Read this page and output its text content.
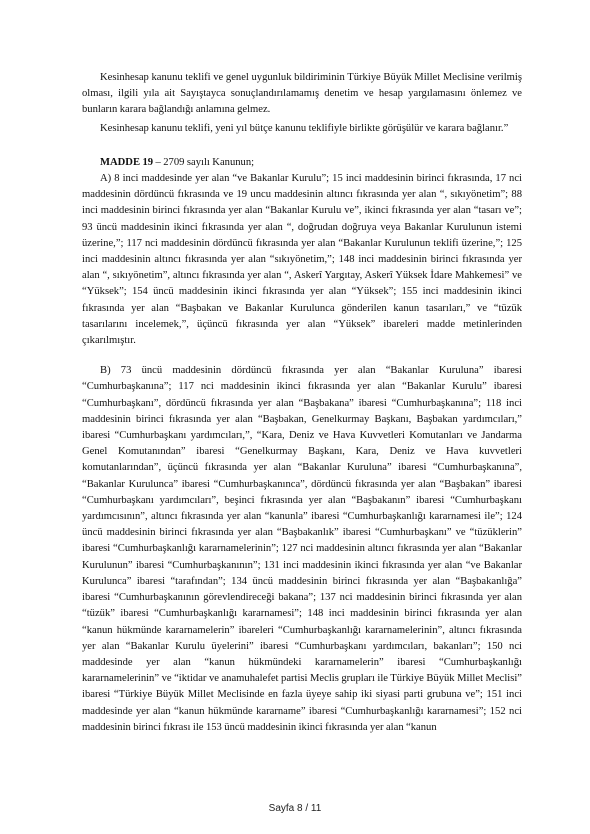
Kesinhesap kanunu teklifi ve genel uygunluk bildiriminin Türkiye Büyük Millet Meclisine verilmiş olması, ilgili yıla ait Sayıştayca sonuçlandırılamamış denetim ve hesap yargılamasını önlemez ve bunların karara bağlandığı anlamına gelmez.

Kesinhesap kanunu teklifi, yeni yıl bütçe kanunu teklifiyle birlikte görüşülür ve karara bağlanır.”

MADDE 19 – 2709 sayılı Kanunun;

A) 8 inci maddesinde yer alan “ve Bakanlar Kurulu”; 15 inci maddesinin birinci fıkrasında, 17 nci maddesinin dördüncü fıkrasında ve 19 uncu maddesinin altıncı fıkrasında yer alan “, sıkıyönetim”; 88 inci maddesinin birinci fıkrasında yer alan “Bakanlar Kurulu ve”, ikinci fıkrasında yer alan “tasarı ve”; 93 üncü maddesinin ikinci fıkrasında yer alan “, doğrudan doğruya veya Bakanlar Kurulunun istemi üzerine,”; 117 nci maddesinin dördüncü fıkrasında yer alan “Bakanlar Kurulunun teklifi üzerine,”; 125 inci maddesinin altıncı fıkrasında yer alan “sıkıyönetim,”; 148 inci maddesinin birinci fıkrasında yer alan “, sıkıyönetim”, altıncı fıkrasında yer alan “, Askerî Yargıtay, Askerî Yüksek İdare Mahkemesi” ve “Yüksek”; 154 üncü maddesinin ikinci fıkrasında yer alan “Yüksek”; 155 inci maddesinin ikinci fıkrasında yer alan “Başbakan ve Bakanlar Kurulunca gönderilen kanun tasarıları,” ve “tüzük tasarılarını incelemek,”, üçüncü fıkrasında yer alan “Yüksek” ibareleri madde metinlerinden çıkarılmıştır.

B) 73 üncü maddesinin dördüncü fıkrasında yer alan “Bakanlar Kuruluna” ibaresi “Cumhurbaşkanına”; 117 nci maddesinin ikinci fıkrasında yer alan “Bakanlar Kurulu” ibaresi “Cumhurbaşkanı”, dördüncü fıkrasında yer alan “Başbakana” ibaresi “Cumhurbaşkanına”; 118 inci maddesinin birinci fıkrasında yer alan “Başbakan, Genelkurmay Başkanı, Başbakan yardımcıları,” ibaresi “Cumhurbaşkanı yardımcıları,”, “Kara, Deniz ve Hava Kuvvetleri Komutanları ve Jandarma Genel Komutanından” ibaresi “Genelkurmay Başkanı, Kara, Deniz ve Hava kuvvetleri komutanlarından”, üçüncü fıkrasında yer alan “Bakanlar Kuruluna” ibaresi “Cumhurbaşkanına”, “Bakanlar Kurulunca” ibaresi “Cumhurbaşkanınca”, dördüncü fıkrasında yer alan “Başbakan” ibaresi “Cumhurbaşkanı yardımcıları”, beşinci fıkrasında yer alan “Başbakanın” ibaresi “Cumhurbaşkanı yardımcısının”, altıncı fıkrasında yer alan “kanunla” ibaresi “Cumhurbaşkanlığı kararnamesi ile”; 124 üncü maddesinin birinci fıkrasında yer alan “Başbakanlık” ibaresi “Cumhurbaşkanı” ve “tüzüklerin” ibaresi “Cumhurbaşkanlığı kararnamelerinin”; 127 nci maddesinin altıncı fıkrasında yer alan “Bakanlar Kurulunun” ibaresi “Cumhurbaşkanının”; 131 inci maddesinin ikinci fıkrasında yer alan “ve Bakanlar Kurulunca” ibaresi “tarafından”; 134 üncü maddesinin birinci fıkrasında yer alan “Başbakanlığa” ibaresi “Cumhurbaşkanının görevlendireceği bakana”; 137 nci maddesinin birinci fıkrasında yer alan “tüzük” ibaresi “Cumhurbaşkanlığı kararnamesi”; 148 inci maddesinin birinci fıkrasında yer alan “kanun hükmünde kararnamelerin” ibareleri “Cumhurbaşkanlığı kararnamelerinin”, altıncı fıkrasında yer alan “Bakanlar Kurulu üyelerini” ibaresi “Cumhurbaşkanı yardımcıları, bakanları”; 150 nci maddesinde yer alan “kanun hükmündeki kararnamelerin” ibaresi “Cumhurbaşkanlığı kararnamelerinin” ve “iktidar ve anamuhalefet partisi Meclis grupları ile Türkiye Büyük Millet Meclisi” ibaresi “Türkiye Büyük Millet Meclisinde en fazla üyeye sahip iki siyasi parti grubuna ve”; 151 inci maddesinde yer alan “kanun hükmünde kararname” ibaresi “Cumhurbaşkanlığı kararnamesi”; 152 nci maddesinin birinci fıkrası ile 153 üncü maddesinin ikinci fıkrasında yer alan “kanun

Sayfa 8 / 11
